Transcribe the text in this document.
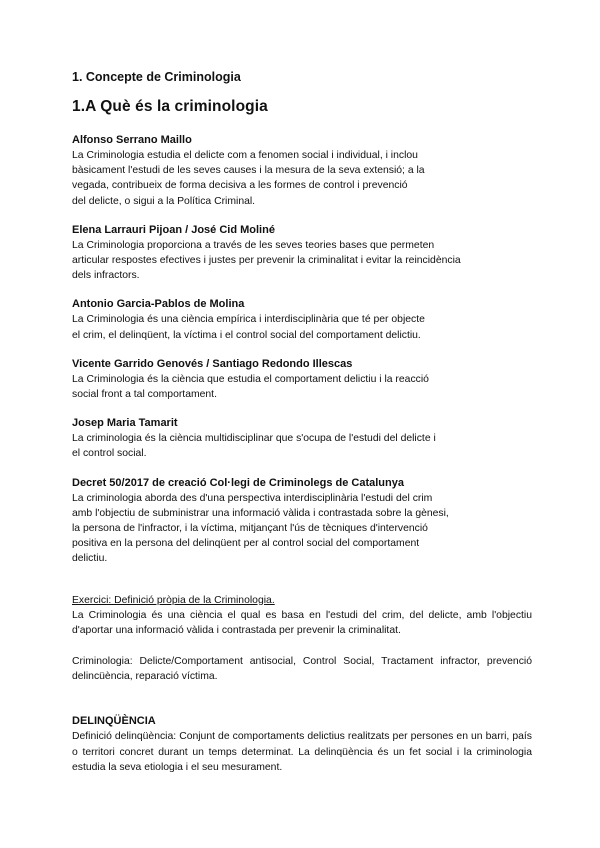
1. Concepte de Criminologia
1.A Què és la criminologia

Alfonso Serrano Maillo

La Criminologia estudia el delicte com a fenomen social i individual, i inclou
bàsicament l'estudi de les seves causes i la mesura de la seva extensió; a la
vegada, contribueix de forma decisiva a les formes de control i prevenció
del delicte, o sigui a la Política Criminal.

Elena Larrauri Pijoan / José Cid Moliné

La Criminologia proporciona a través de les seves teories bases que permeten
articular respostes efectives i justes per prevenir la criminalitat i evitar la reincidència
dels infractors.

Antonio Garcia-Pablos de Molina

La Criminologia és una ciència empírica i interdisciplinària que té per objecte
el crim, el delinqüent, la víctima i el control social del comportament delictiu.

Vicente Garrido Genovés / Santiago Redondo Illescas

La Criminologia és la ciència que estudia el comportament delictiu i la reacció
social front a tal comportament.

Josep Maria Tamarit

La criminologia és la ciència multidisciplinar que s'ocupa de l'estudi del delicte i
el control social.

Decret 50/2017 de creació Col·legi de Criminolegs de Catalunya

La criminologia aborda des d'una perspectiva interdisciplinària l'estudi del crim
amb l'objectiu de subministrar una informació vàlida i contrastada sobre la gènesi,
la persona de l'infractor, i la víctima, mitjançant l'ús de tècniques d'intervenció
positiva en la persona del delinqüent per al control social del comportament
delictiu.

Exercici: Definició pròpia de la Criminologia.

La Criminologia és una ciència el qual es basa en l'estudi del crim, del delicte, amb l'objectiu d'aportar una informació vàlida i contrastada per prevenir la criminalitat.

Criminologia: Delicte/Comportament antisocial, Control Social, Tractament infractor, prevenció delincüència, reparació víctima.

DELINQÜÈNCIA

Definició delinqüència: Conjunt de comportaments delictius realitzats per persones en un barri, país o territori concret durant un temps determinat. La delinqüència és un fet social i la criminologia estudia la seva etiologia i el seu mesurament.
